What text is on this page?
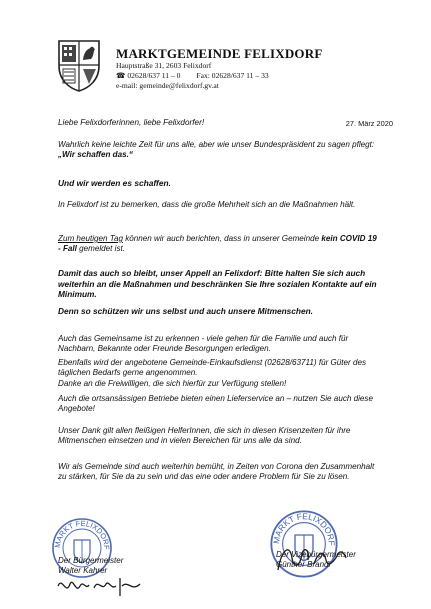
MARKTGEMEINDE FELIXDORF
Hauptstraße 31, 2603 Felixdorf
☎ 02628/637 11 – 0 Fax: 02628/637 11 – 33
e-mail: gemeinde@felixdorf.gv.at
Liebe Felixdorferinnen, liebe Felixdorfer!	27. März 2020
Wahrlich keine leichte Zeit für uns alle, aber wie unser Bundespräsident zu sagen pflegt: „Wir schaffen das.“
Und wir werden es schaffen.
In Felixdorf ist zu bemerken, dass die große Mehrheit sich an die Maßnahmen hält.
Zum heutigen Tag können wir auch berichten, dass in unserer Gemeinde kein COVID 19 - Fall gemeldet ist.
Damit das auch so bleibt, unser Appell an Felixdorf: Bitte halten Sie sich auch weiterhin an die Maßnahmen und beschränken Sie Ihre sozialen Kontakte auf ein Minimum.
Denn so schützen wir uns selbst und auch unsere Mitmenschen.
Auch das Gemeinsame ist zu erkennen - viele gehen für die Familie und auch für Nachbarn, Bekannte oder Freunde Besorgungen erledigen.
Ebenfalls wird der angebotene Gemeinde-Einkaufsdienst (02628/63711) für Güter des täglichen Bedarfs gerne angenommen.
Danke an die Freiwilligen, die sich hierfür zur Verfügung stellen!
Auch die ortsansässigen Betriebe bieten einen Lieferservice an – nutzen Sie auch diese Angebote!
Unser Dank gilt allen fleißigen HelferInnen, die sich in diesen Krisenzeiten für ihre Mitmenschen einsetzen und in vielen Bereichen für uns alle da sind.
Wir als Gemeinde sind auch weiterhin bemüht, in Zeiten von Corona den Zusammenhalt zu stärken, für Sie da zu sein und das eine oder andere Problem für Sie zu lösen.
MARKT FELIXDORF
Der Bürgermeister
Walter Kahrer
MARKT FELIXDORF
Der Vizebürgermeister
Günther Brandl
